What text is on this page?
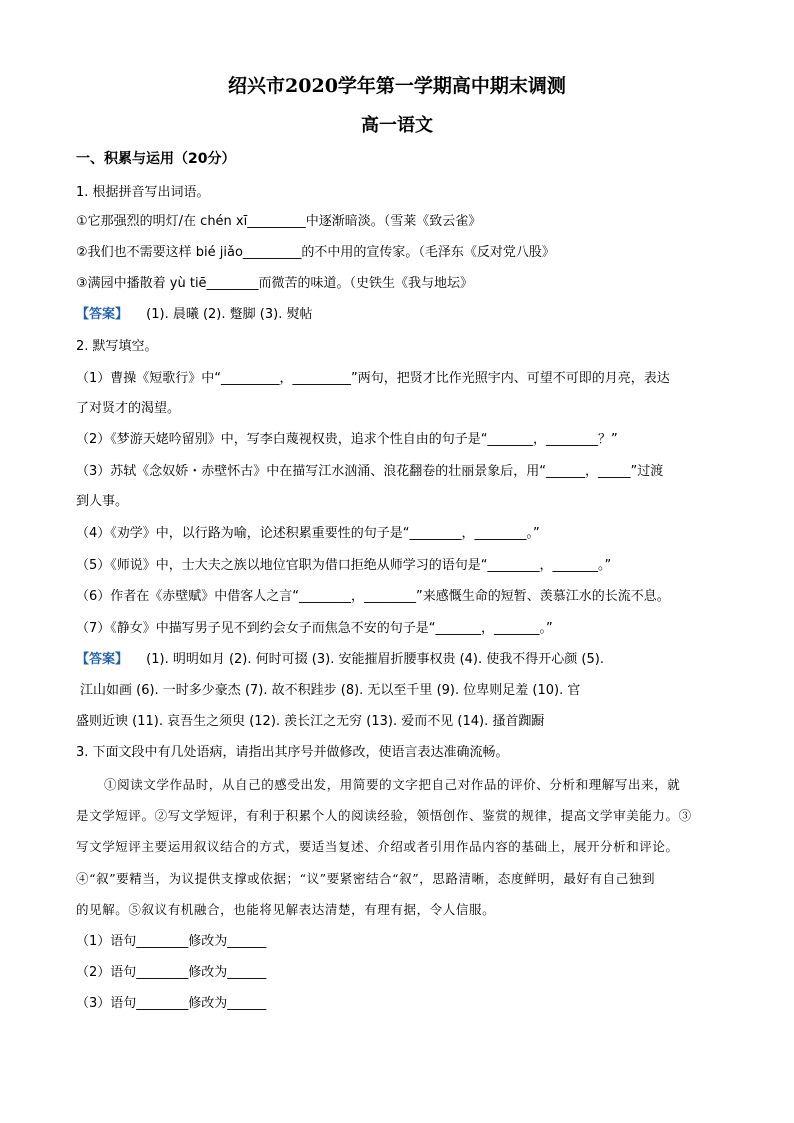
绍兴市2020学年第一学期高中期末调测
高一语文
一、积累与运用（20分）
1. 根据拼音写出词语。
①它那强烈的明灯/在 chén xī_________中逐渐暗淡。（雪莱《致云雀》
②我们也不需要这样 bié jiǎo_________的不中用的宣传家。（毛泽东《反对党八股》
③满园中播散着 yù tiē________而微苦的味道。（史铁生《我与地坛》
【答案】 (1). 晨曦 (2). 蹩脚 (3). 熨帖
2. 默写填空。
（1）曹操《短歌行》中“_________，_________”两句，把贤才比作光照宇内、可望不可即的月亮，表达
了对贤才的渴望。
（2）《梦游天姥吟留别》中，写李白蔑视权贵，追求个性自由的句子是“_______，________？”
（3）苏轼《念奴娇・赤壁怀古》中在描写江水汹涌、浪花翻卷的壮丽景象后，用“______，_____”过渡
到人事。
（4）《劝学》中，以行路为喻，论述积累重要性的句子是“________，________。”
（5）《师说》中，士大夫之族以地位官职为借口拒绝从师学习的语句是“________，_______。”
（6）作者在《赤壁赋》中借客人之言“________，________”来感慨生命的短暂、羡慕江水的长流不息。
（7）《静女》中描写男子见不到约会女子而焦急不安的句子是“_______，_______。”
【答案】 (1). 明明如月 (2). 何时可掇 (3). 安能摧眉折腰事权贵 (4). 使我不得开心颜 (5).
江山如画 (6). 一时多少豪杰 (7). 故不积跬步 (8). 无以至千里 (9). 位卑则足羞 (10). 官
盛则近谀 (11). 哀吾生之须臾 (12). 羡长江之无穷 (13). 爱而不见 (14). 搔首踟蹰
3. 下面文段中有几处语病，请指出其序号并做修改，使语言表达准确流畅。
①阅读文学作品时，从自己的感受出发，用简要的文字把自己对作品的评价、分析和理解写出来，就
是文学短评。②写文学短评，有利于积累个人的阅读经验，领悟创作、鉴赏的规律，提高文学审美能力。③
写文学短评主要运用叙议结合的方式，要适当复述、介绍或者引用作品内容的基础上，展开分析和评论。
④“叙”要精当，为议提供支撑或依据；“议”要紧密结合“叙”，思路清晰，态度鲜明，最好有自己独到
的见解。⑤叙议有机融合，也能将见解表达清楚，有理有据，令人信服。
（1）语句________修改为______
（2）语句________修改为______
（3）语句________修改为______
